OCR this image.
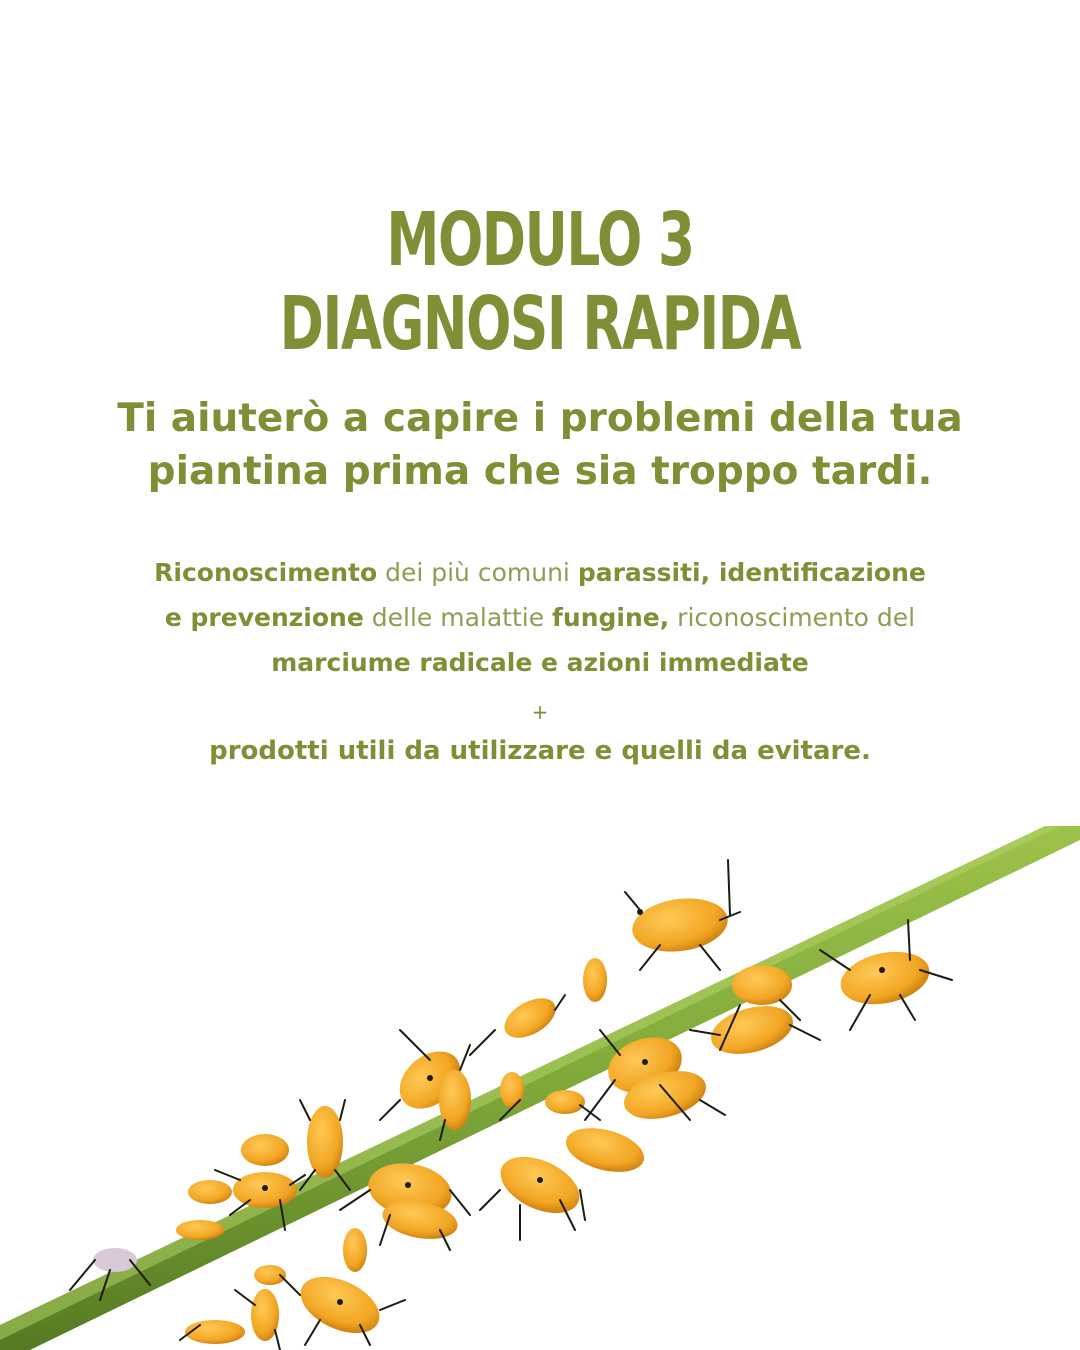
MODULO 3
DIAGNOSI RAPIDA
Ti aiuterò a capire i problemi della tua
piantina prima che sia troppo tardi.
Riconoscimento dei più comuni parassiti, identificazione
e prevenzione delle malattie fungine, riconoscimento del
marciume radicale e azioni immediate
+
prodotti utili da utilizzare e quelli da evitare.
